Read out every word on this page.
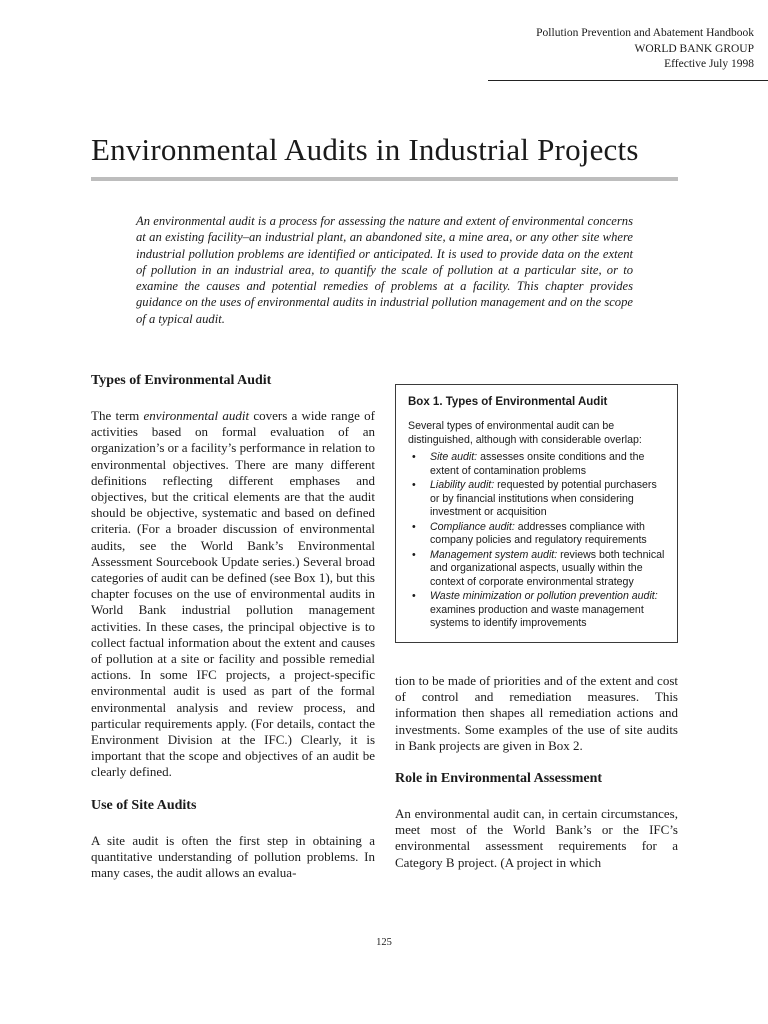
Pollution Prevention and Abatement Handbook
WORLD BANK GROUP
Effective July 1998
Environmental Audits in Industrial Projects

An environmental audit is a process for assessing the nature and extent of environmental concerns at an existing facility–an industrial plant, an abandoned site, a mine area, or any other site where industrial pollution problems are identified or anticipated. It is used to provide data on the extent of pollution in an industrial area, to quantify the scale of pollution at a particular site, or to examine the causes and potential remedies of problems at a facility. This chapter provides guidance on the uses of environmental audits in industrial pollution management and on the scope of a typical audit.

Types of Environmental Audit

The term environmental audit covers a wide range of activities based on formal evaluation of an organization’s or a facility’s performance in relation to environmental objectives. There are many different definitions reflecting different emphases and objectives, but the critical elements are that the audit should be objective, systematic and based on defined criteria. (For a broader discussion of environmental audits, see the World Bank’s Environmental Assessment Sourcebook Update series.) Several broad categories of audit can be defined (see Box 1), but this chapter focuses on the use of environmental audits in World Bank industrial pollution management activities. In these cases, the principal objective is to collect factual information about the extent and causes of pollution at a site or facility and possible remedial actions. In some IFC projects, a project-specific environmental audit is used as part of the formal environmental analysis and review process, and particular requirements apply. (For details, contact the Environment Division at the IFC.) Clearly, it is important that the scope and objectives of an audit be clearly defined.

Use of Site Audits

A site audit is often the first step in obtaining a quantitative understanding of pollution problems. In many cases, the audit allows an evalua-

Box 1. Types of Environmental Audit

Several types of environmental audit can be distinguished, although with considerable overlap:

• Site audit: assesses onsite conditions and the extent of contamination problems
• Liability audit: requested by potential purchasers or by financial institutions when considering investment or acquisition
• Compliance audit: addresses compliance with company policies and regulatory requirements
• Management system audit: reviews both technical and organizational aspects, usually within the context of corporate environmental strategy
• Waste minimization or pollution prevention audit: examines production and waste management systems to identify improvements

tion to be made of priorities and of the extent and cost of control and remediation measures. This information then shapes all remediation actions and investments. Some examples of the use of site audits in Bank projects are given in Box 2.

Role in Environmental Assessment

An environmental audit can, in certain circumstances, meet most of the World Bank’s or the IFC’s environmental assessment requirements for a Category B project. (A project in which

125
